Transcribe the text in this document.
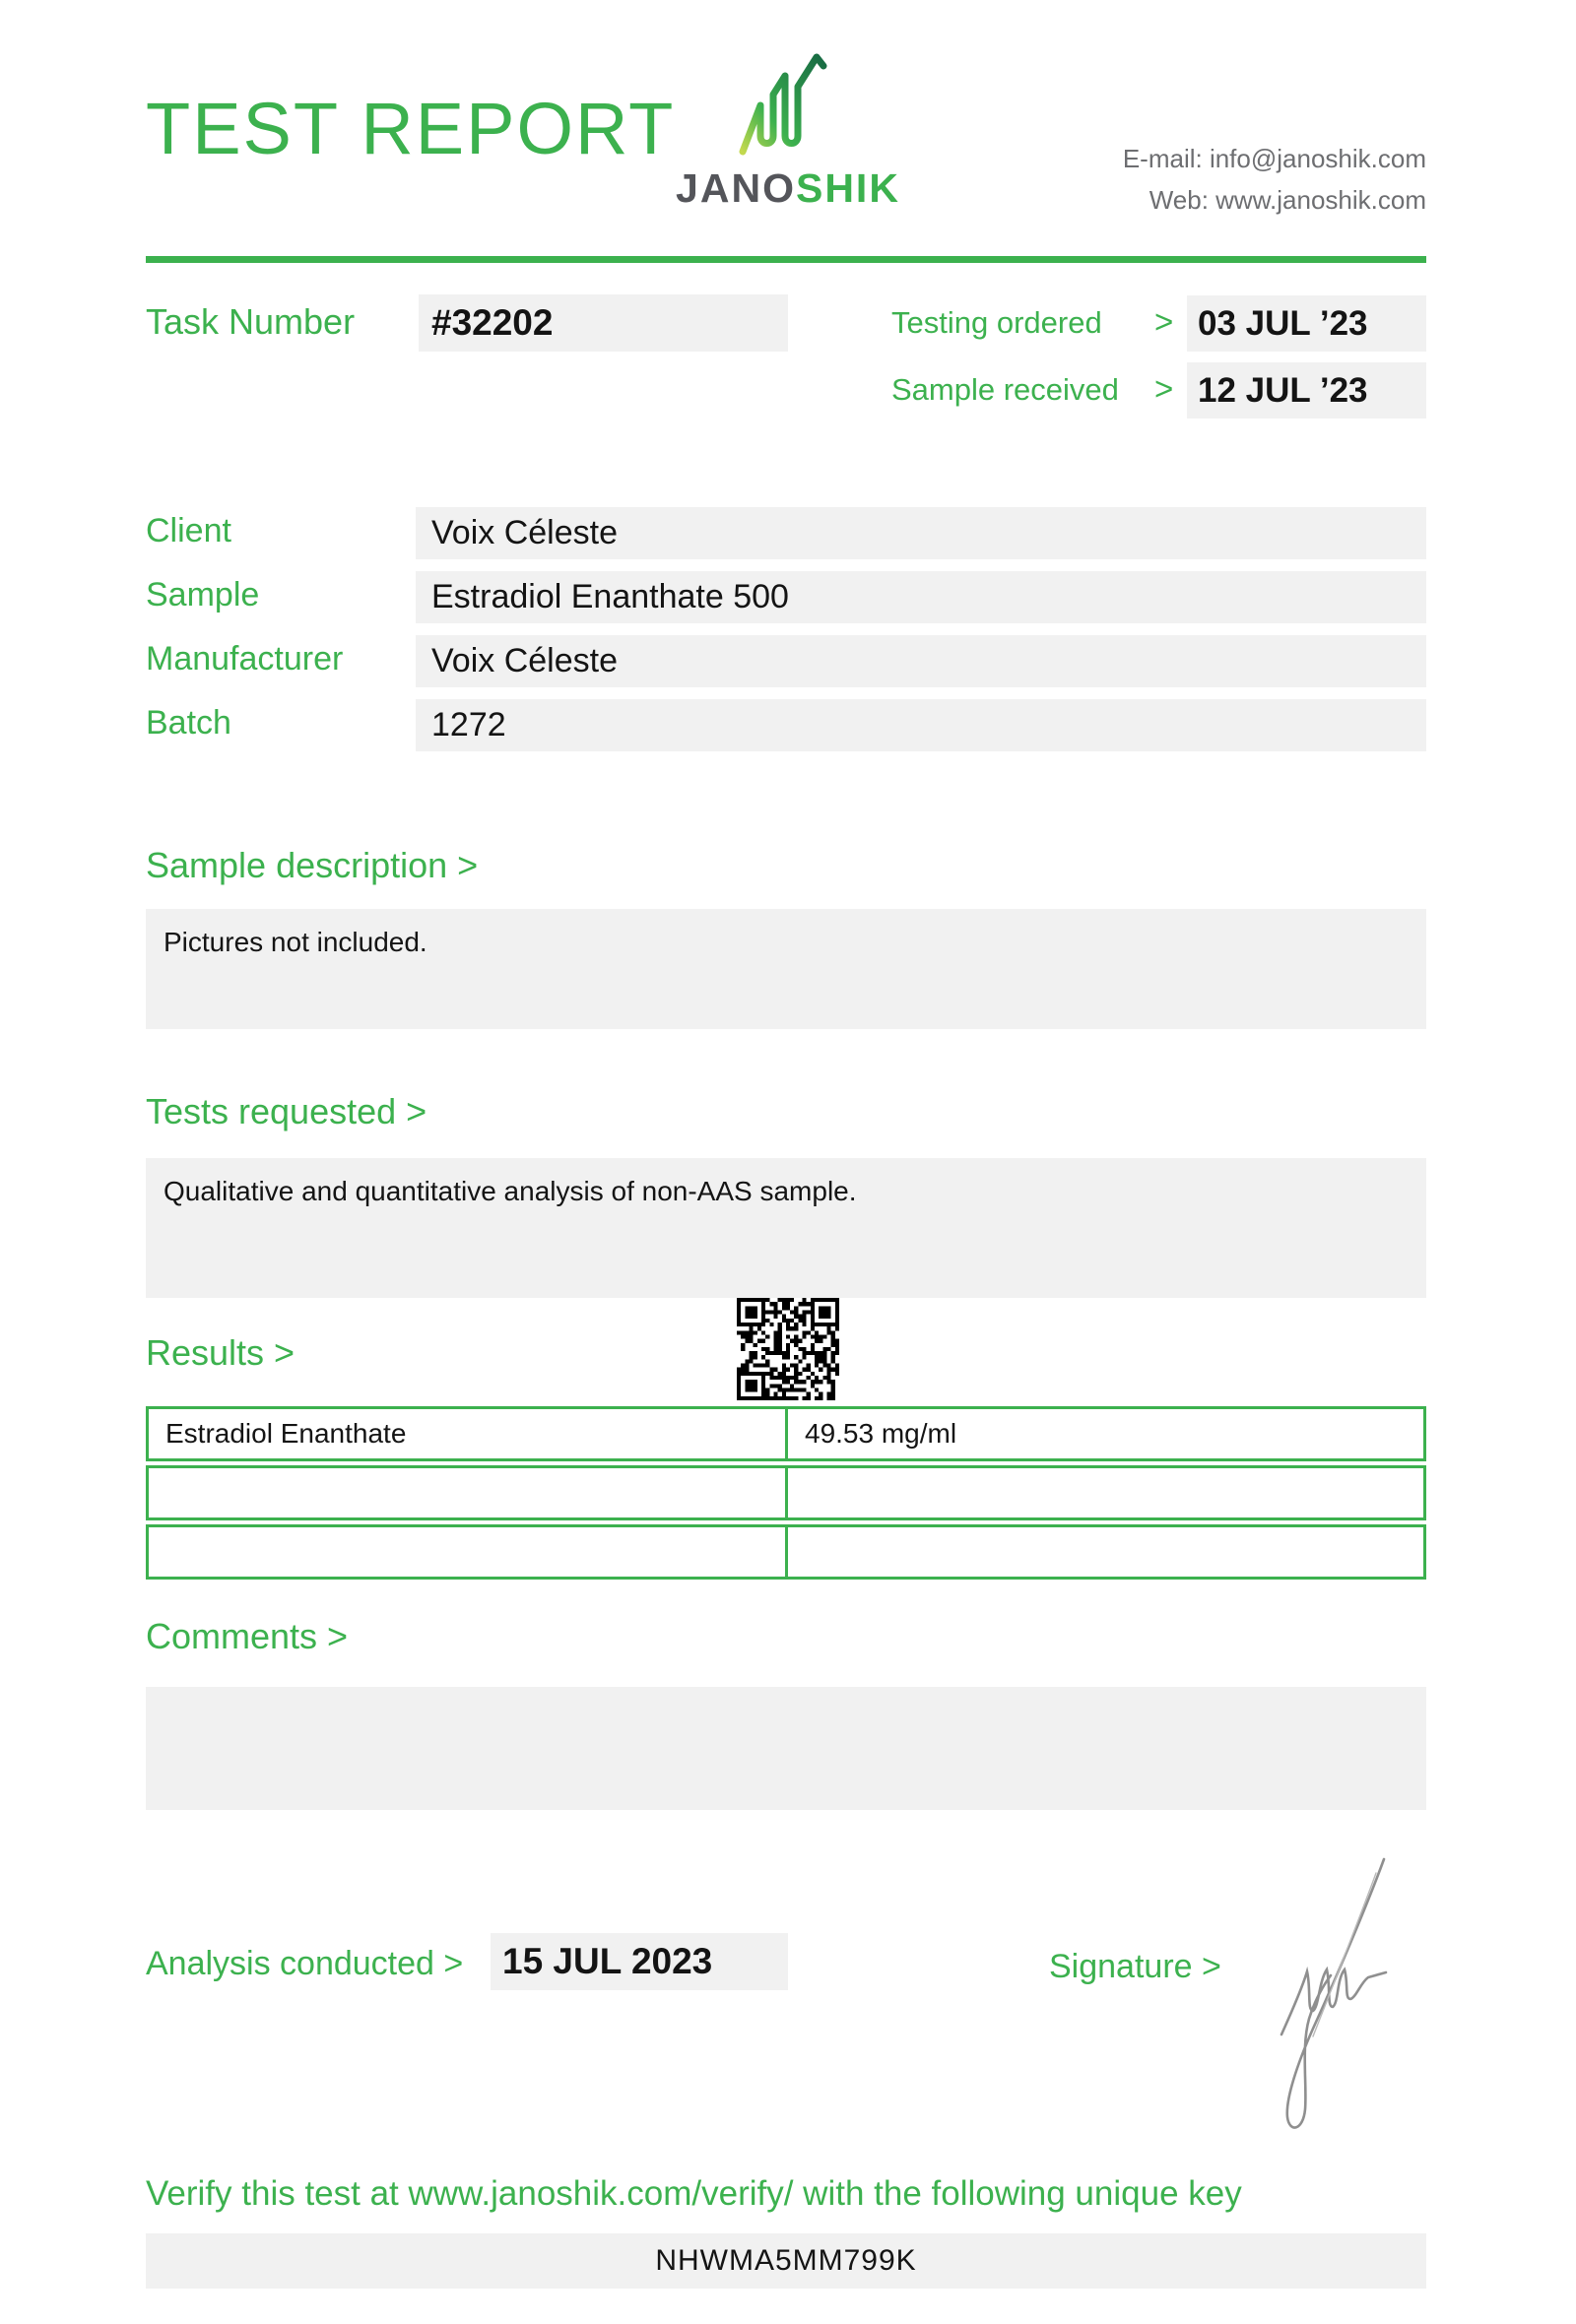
TEST REPORT
JANOSHIK
E-mail: info@janoshik.com
Web: www.janoshik.com
Task Number	#32202	Testing ordered > 03 JUL ’23
Sample received > 12 JUL ’23
Client	Voix Céleste
Sample	Estradiol Enanthate 500
Manufacturer	Voix Céleste
Batch	1272
Sample description >
Pictures not included.
Tests requested >
Qualitative and quantitative analysis of non-AAS sample.
Results >
Estradiol Enanthate	49.53 mg/ml
Comments >
Analysis conducted >	15 JUL 2023	Signature >
Verify this test at www.janoshik.com/verify/ with the following unique key
NHWMA5MM799K
